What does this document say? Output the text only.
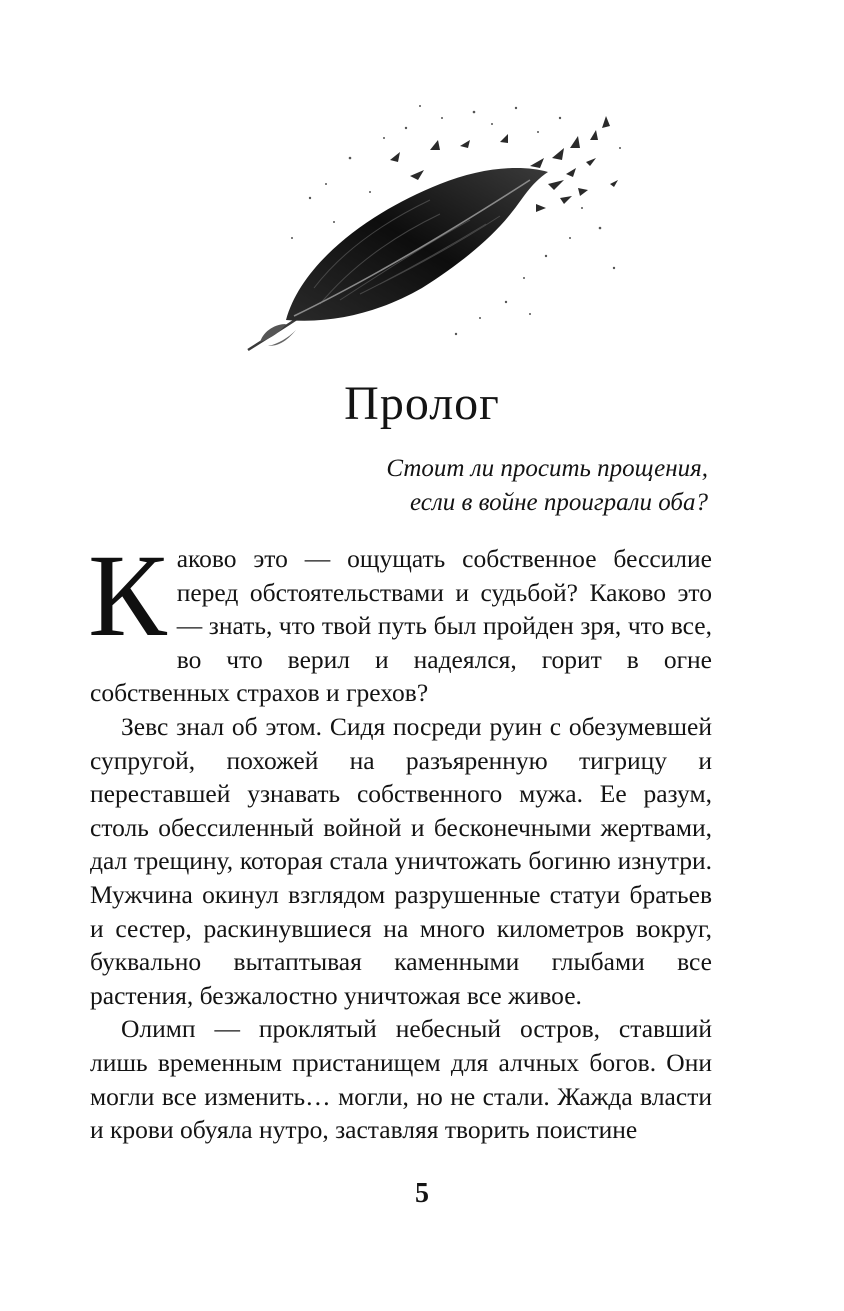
Пролог
Стоит ли просить прощения,
если в войне проиграли оба?

Каково это — ощущать собственное бессилие перед обстоятельствами и судьбой? Каково это — знать, что твой путь был пройден зря, что все, во что верил и надеялся, горит в огне собственных страхов и грехов?

Зевс знал об этом. Сидя посреди руин с обезумевшей супругой, похожей на разъяренную тигрицу и переставшей узнавать собственного мужа. Ее разум, столь обессиленный войной и бесконечными жертвами, дал трещину, которая стала уничтожать богиню изнутри. Мужчина окинул взглядом разрушенные статуи братьев и сестер, раскинувшиеся на много километров вокруг, буквально вытаптывая каменными глыбами все растения, безжалостно уничтожая все живое.

Олимп — проклятый небесный остров, ставший лишь временным пристанищем для алчных богов. Они могли все изменить… могли, но не стали. Жажда власти и крови обуяла нутро, заставляя творить поистине

5
